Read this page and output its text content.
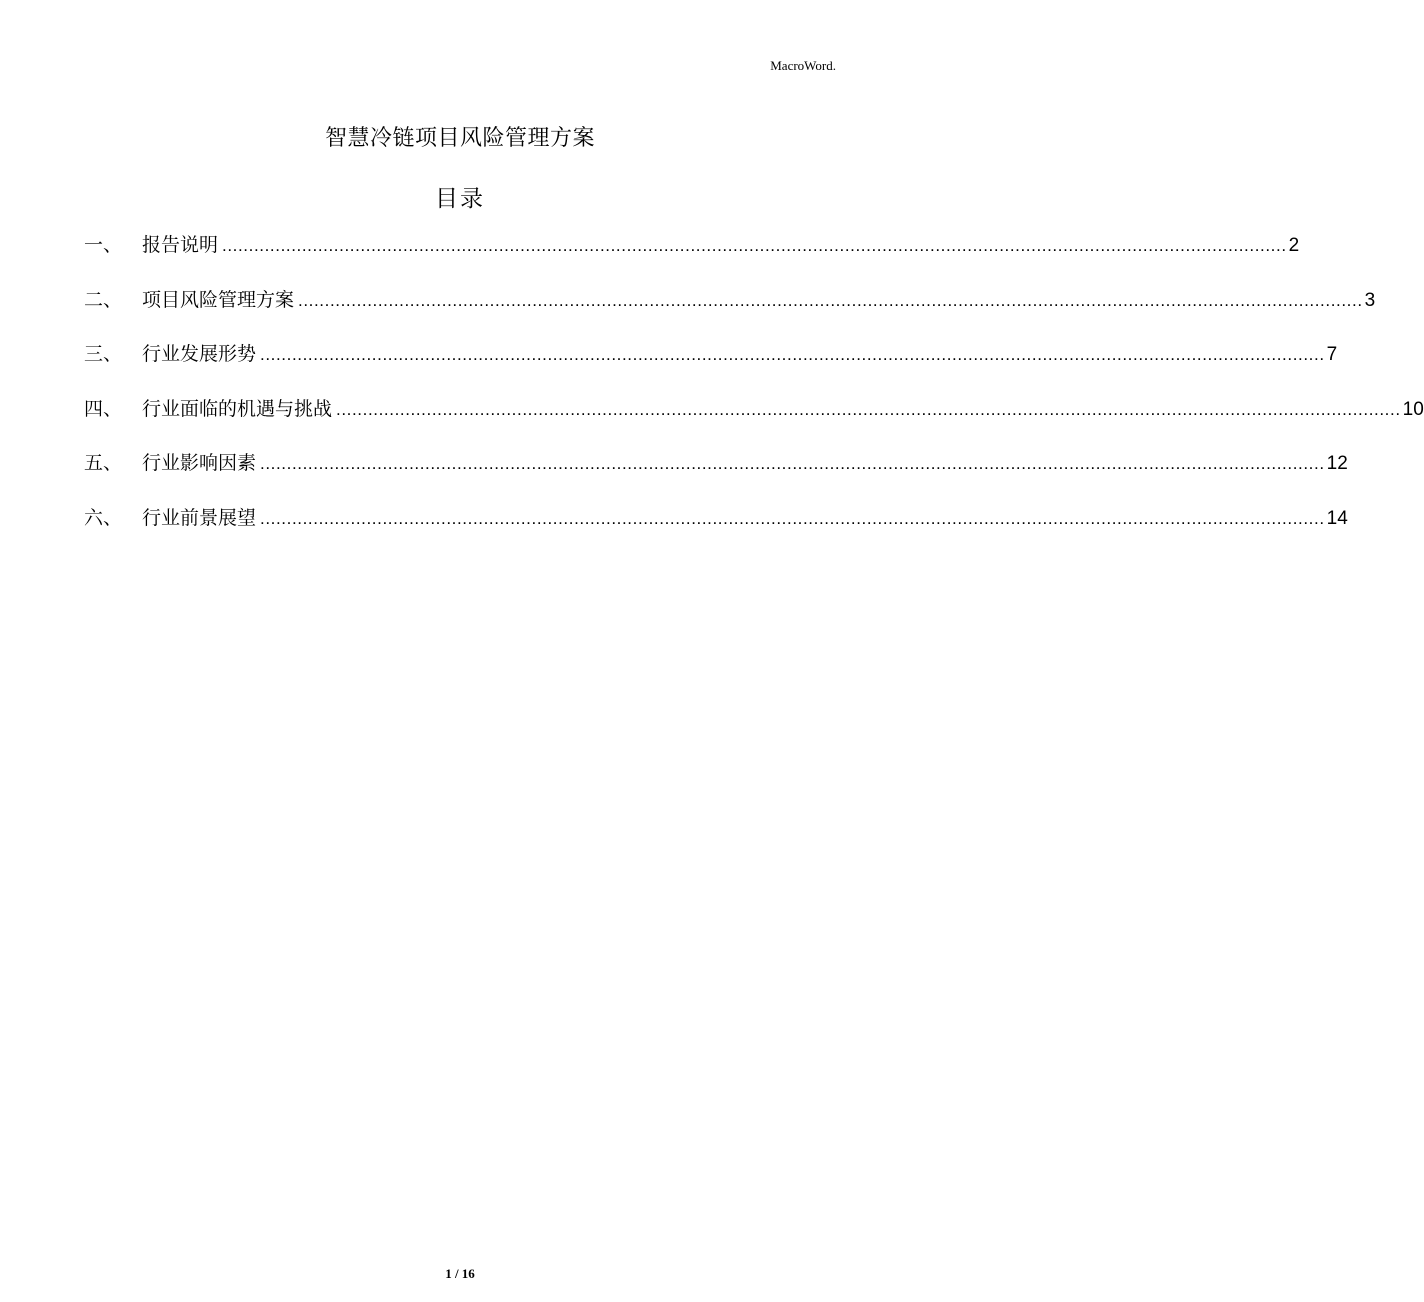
MacroWord.
智慧冷链项目风险管理方案
目录
一、	报告说明 ........................................................................................................................................................................................................ 2
二、	项目风险管理方案 ........................................................................................................................................................................................................ 3
三、	行业发展形势 ........................................................................................................................................................................................................ 7
四、	行业面临的机遇与挑战 ........................................................................................................................................................................................................ 10
五、	行业影响因素 ........................................................................................................................................................................................................ 12
六、	行业前景展望 ........................................................................................................................................................................................................ 14
1 / 16
